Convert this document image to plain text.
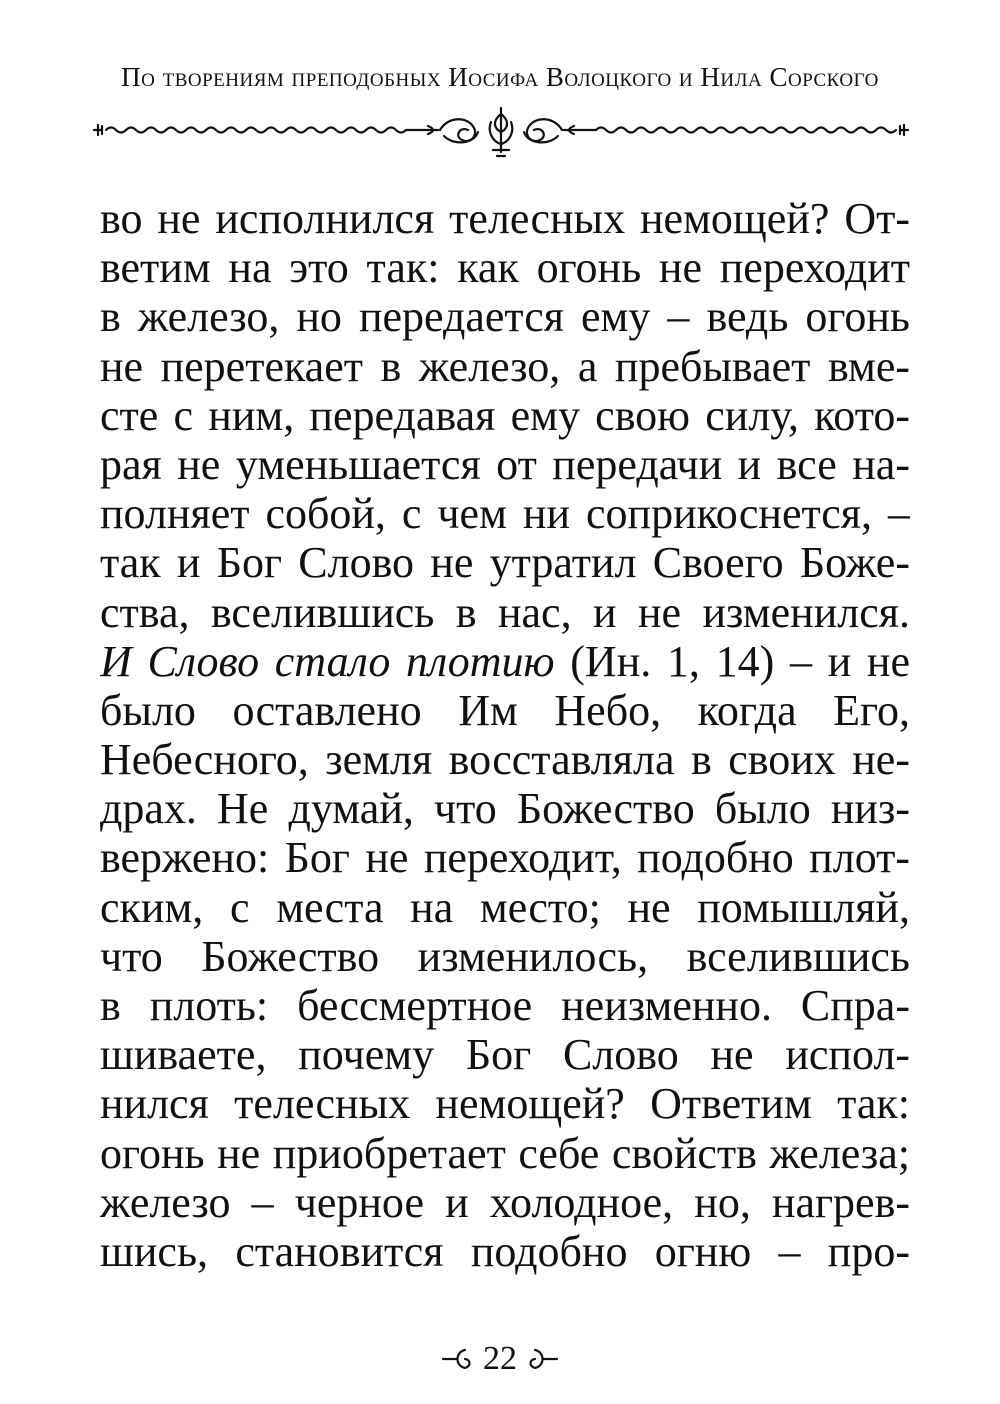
По творениям преподобных Иосифа Волоцкого и Нила Сорского
во не исполнился телесных немощей? От-
ветим на это так: как огонь не переходит
в железо, но передается ему – ведь огонь
не перетекает в железо, а пребывает вме-
сте с ним, передавая ему свою силу, кото-
рая не уменьшается от передачи и все на-
полняет собой, с чем ни соприкоснется, –
так и Бог Слово не утратил Своего Боже-
ства, вселившись в нас, и не изменился.
И Слово стало плотию (Ин. 1, 14) – и не
было оставлено Им Небо, когда Его,
Небесного, земля восставляла в своих не-
драх. Не думай, что Божество было низ-
вержено: Бог не переходит, подобно плот-
ским, с места на место; не помышляй,
что Божество изменилось, вселившись
в плоть: бессмертное неизменно. Спра-
шиваете, почему Бог Слово не испол-
нился телесных немощей? Ответим так:
огонь не приобретает себе свойств железа;
железо – черное и холодное, но, нагрев-
шись, становится подобно огню – про-
22
